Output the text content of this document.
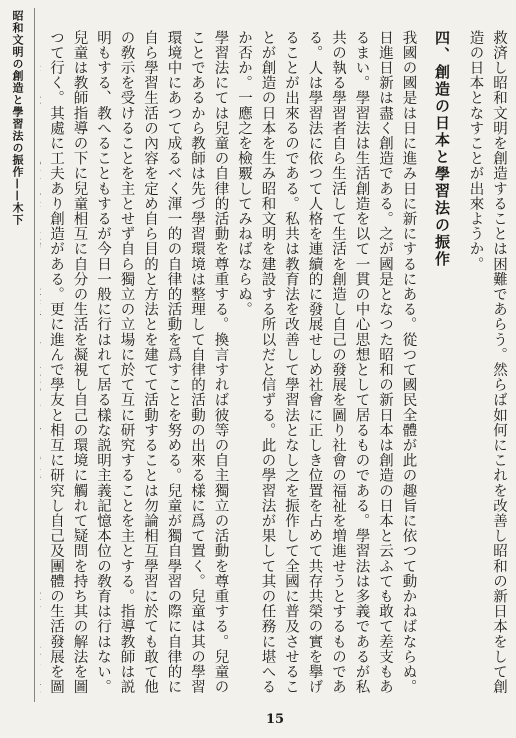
昭和文明の創造と學習法の振作——木下	救済し昭和文明を創造することは困難であらう。然らば如何にこれを改善し昭和の新日本をして創造の日本となすことが出來ようか。

四、創造の日本と學習法の振作

我國の國是は日に進み日に新にするにある。從つて國民全體が此の趣旨に依つて動かねばならぬ。日進日新は盡く創造である。之が國是となつた昭和の新日本は創造の日本と云ふても敢て差支もあるまい。學習法は生活創造を以て一貫の中心思想として居るものである。學習法は多義であるが私共の執る學習者自ら生活して生活を創造し自己の發展を圖り社會の福祉を増進せうとするものである。人は學習法に依つて人格を連續的に發展せしめ社會に正しき位置を占めて共存共榮の實を擧げることが出來るのである。私共は教育法を改善して學習法となし之を振作して全國に普及させることが創造の日本を生み昭和文明を建設する所以だと信ずる。此の學習法が果して其の任務に堪へるか否か。一應之を檢覈してみねばならぬ。

學習法にては兒童の自律的活動を尊重する。換言すれば彼等の自主獨立の活動を尊重する。兒童のことであるから教師は先づ學習環境は整理して自律的活動の出來る樣に爲て置く。兒童は其の學習環境中にあつて成るべく渾一的の自律的活動を爲すことを努める。兒童が獨自學習の際に自律的に自ら學習生活の內容を定め自ら目的と方法とを建てて活動することは勿論相互學習に於ても敢て他の敎示を受けることを主とせず自ら獨立の立場に於て互に研究することを主とする。指導教師は説明もする、教へることもするが今日一般に行はれて居る樣な説明主義記憶本位の敎育は行はない。兒童は教師指導の下に兒童相互に自分の生活を凝視し自己の環境に觸れて疑問を持ち其の解法を圖つて行く。其處に工夫あり創造がある。更に進んで學友と相互に研究し自己及團體の生活發展を圖

15
